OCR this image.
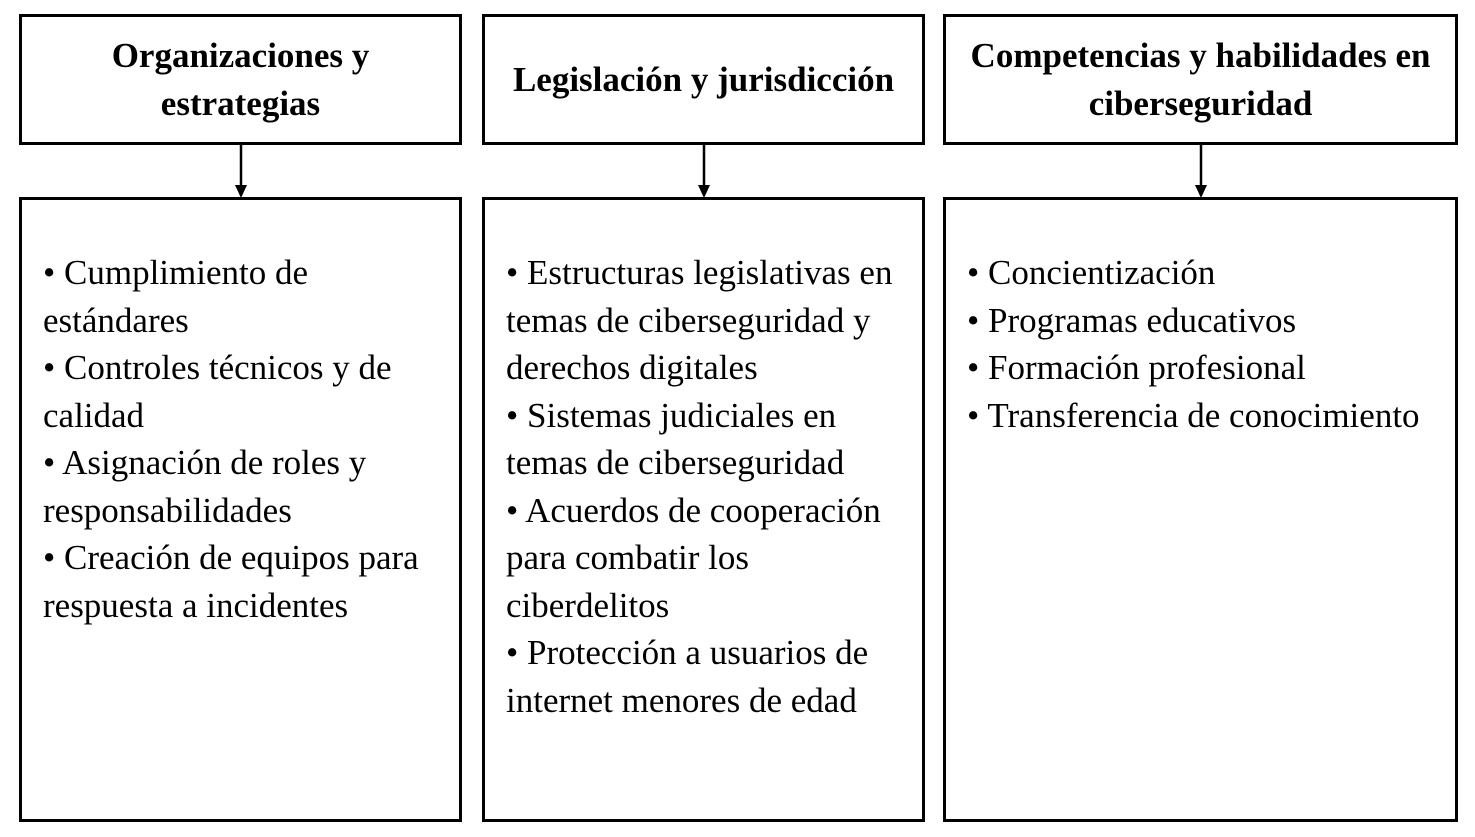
Organizaciones y estrategias

• Cumplimiento de estándares

• Controles técnicos y de calidad

• Asignación de roles y responsabilidades

• Creación de equipos para respuesta a incidentes

Legislación y jurisdicción

• Estructuras legislativas en temas de ciberseguridad y derechos digitales

• Sistemas judiciales en temas de ciberseguridad

• Acuerdos de cooperación para combatir los ciberdelitos

• Protección a usuarios de internet menores de edad

Competencias y habilidades en ciberseguridad

• Concientización

• Programas educativos

• Formación profesional

• Transferencia de conocimiento
